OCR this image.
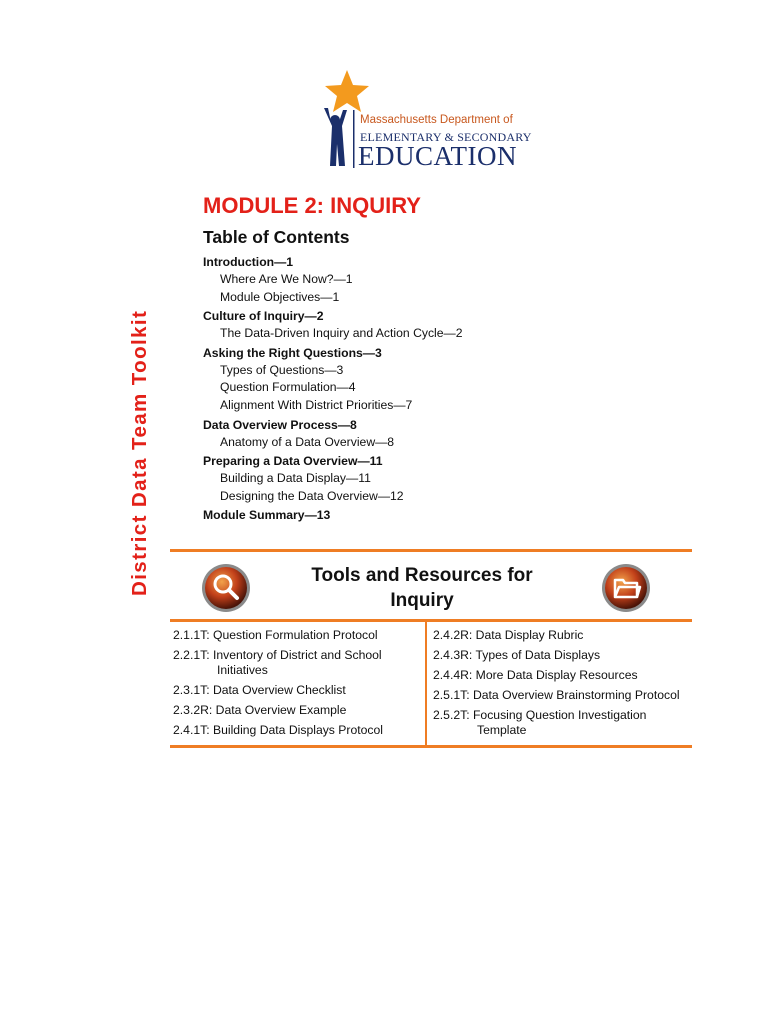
Massachusetts Department of
ELEMENTARY & SECONDARY
EDUCATION
District Data Team Toolkit
MODULE 2: INQUIRY
Table of Contents
Introduction—1
Where Are We Now?—1
Module Objectives—1
Culture of Inquiry—2
The Data-Driven Inquiry and Action Cycle—2
Asking the Right Questions—3
Types of Questions—3
Question Formulation—4
Alignment With District Priorities—7
Data Overview Process—8
Anatomy of a Data Overview—8
Preparing a Data Overview—11
Building a Data Display—11
Designing the Data Overview—12
Module Summary—13
Tools and Resources for
Inquiry
2.1.1T: Question Formulation Protocol
2.2.1T: Inventory of District and School
Initiatives
2.3.1T: Data Overview Checklist
2.3.2R: Data Overview Example
2.4.1T: Building Data Displays Protocol
2.4.2R: Data Display Rubric
2.4.3R: Types of Data Displays
2.4.4R: More Data Display Resources
2.5.1T: Data Overview Brainstorming Protocol
2.5.2T: Focusing Question Investigation
Template
